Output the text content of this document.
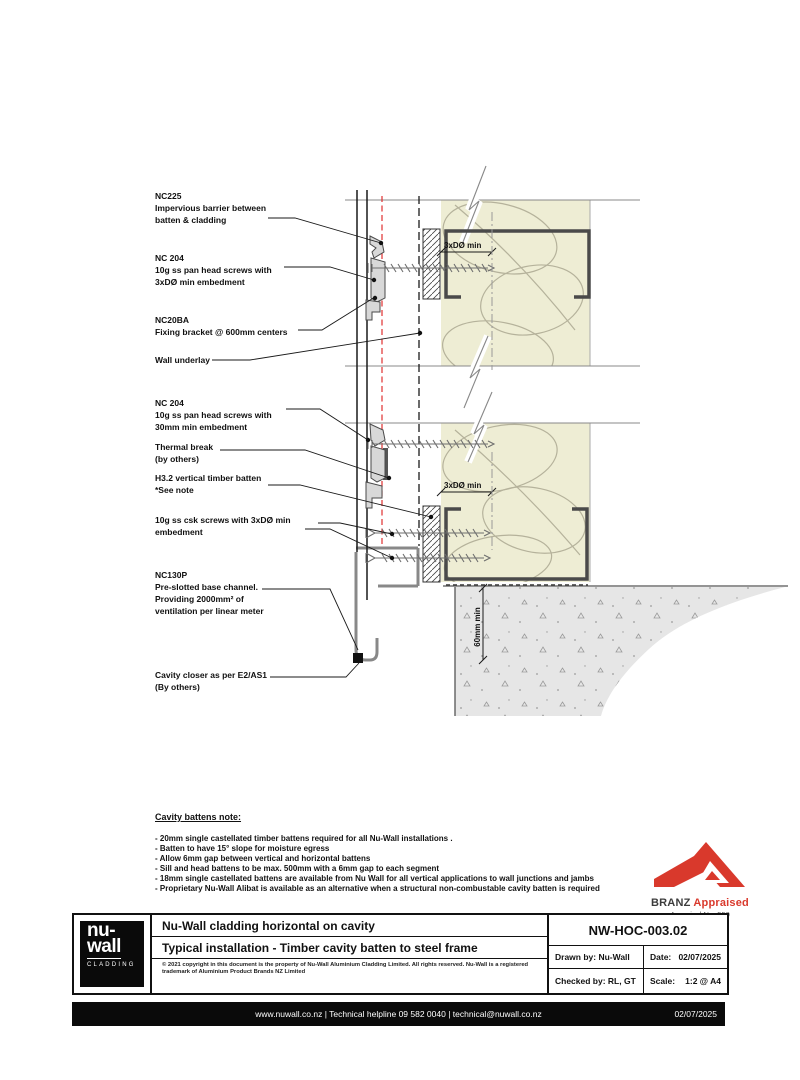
3xDØ min
3xDØ min
60mm min
NC225
Impervious barrier between
batten & cladding
NC 204
10g ss pan head screws with
3xDØ min embedment
NC20BA
Fixing bracket @ 600mm centers
Wall underlay
NC 204
10g ss pan head screws with
30mm min embedment
Thermal break
(by others)
H3.2 vertical timber batten
*See note
10g ss csk screws with 3xDØ min
embedment
NC130P
Pre-slotted base channel.
Providing 2000mm² of
ventilation per linear meter
Cavity closer as per E2/AS1
(By others)
Cavity battens note:
- 20mm single castellated timber battens required for all Nu-Wall installations .
- Batten to have 15° slope for moisture egress
- Allow 6mm gap between vertical and horizontal battens
- Sill and head battens to be max. 500mm with a 6mm gap to each segment
- 18mm single castellated battens are available from Nu Wall for all vertical applications to wall junctions and jambs
- Proprietary Nu-Wall Alibat is available as an alternative when a structural non-combustable cavity batten is required
BRANZ Appraised
nu-
wall
CLADDING
Nu-Wall cladding horizontal on cavity
Typical installation - Timber cavity batten to steel frame
© 2021 copyright in this document is the property of Nu-Wall Aluminium Cladding Limited. All rights reserved. Nu-Wall is a registered trademark of Aluminium Product Brands NZ Limited
NW-HOC-003.02
Drawn by: Nu-Wall	Date: 02/07/2025
Checked by: RL, GT	Scale: 1:2 @ A4
www.nuwall.co.nz | Technical helpline 09 582 0040 | technical@nuwall.co.nz	02/07/2025
